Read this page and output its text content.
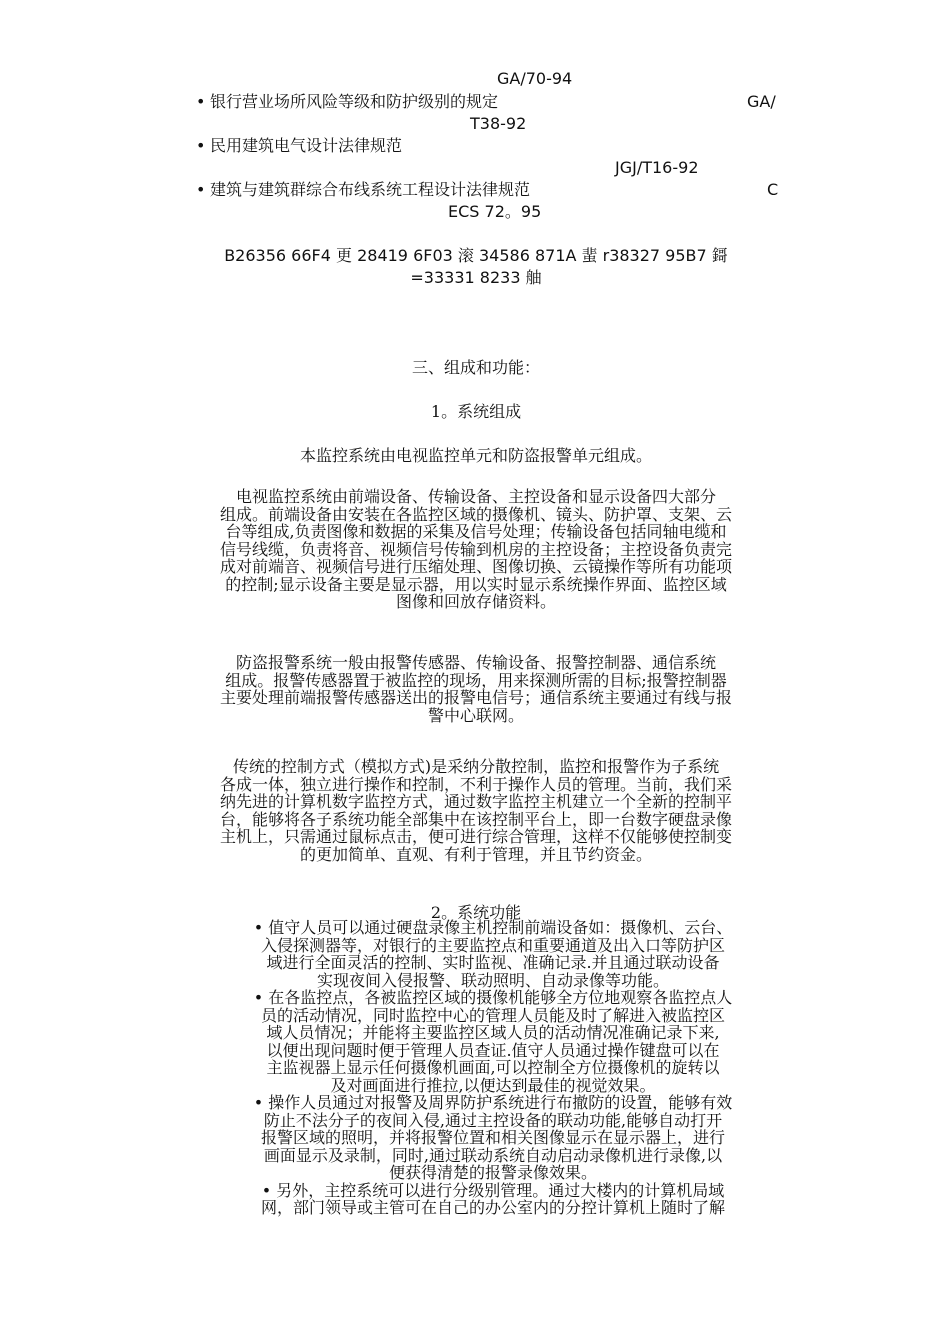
GA/70-94
• 银行营业场所风险等级和防护级别的规定	GA/
T38-92
• 民用建筑电气设计法律规范
JGJ/T16-92
• 建筑与建筑群综合布线系统工程设计法律规范	C
ECS 72。95
B26356 66F4 更 28419 6F03 滚 34586 871A 蜚 r38327 95B7 鎶
=33331 8233 舳
三、组成和功能：
1。系统组成
本监控系统由电视监控单元和防盗报警单元组成。
电视监控系统由前端设备、传输设备、主控设备和显示设备四大部分
组成。前端设备由安装在各监控区域的摄像机、镜头、防护罩、支架、云
台等组成,负责图像和数据的采集及信号处理；传输设备包括同轴电缆和
信号线缆，负责将音、视频信号传输到机房的主控设备；主控设备负责完
成对前端音、视频信号进行压缩处理、图像切换、云镜操作等所有功能项
的控制;显示设备主要是显示器，用以实时显示系统操作界面、监控区域
图像和回放存储资料。
防盗报警系统一般由报警传感器、传输设备、报警控制器、通信系统
组成。报警传感器置于被监控的现场，用来探测所需的目标;报警控制器
主要处理前端报警传感器送出的报警电信号；通信系统主要通过有线与报
警中心联网。
传统的控制方式（模拟方式)是采纳分散控制，监控和报警作为子系统
各成一体，独立进行操作和控制，不利于操作人员的管理。当前，我们采
纳先进的计算机数字监控方式，通过数字监控主机建立一个全新的控制平
台，能够将各子系统功能全部集中在该控制平台上，即一台数字硬盘录像
主机上，只需通过鼠标点击，便可进行综合管理，这样不仅能够使控制变
的更加简单、直观、有利于管理，并且节约资金。
2。系统功能
• 值守人员可以通过硬盘录像主机控制前端设备如：摄像机、云台、
入侵探测器等，对银行的主要监控点和重要通道及出入口等防护区
域进行全面灵活的控制、实时监视、准确记录.并且通过联动设备
实现夜间入侵报警、联动照明、自动录像等功能。
• 在各监控点，各被监控区域的摄像机能够全方位地观察各监控点人
员的活动情况，同时监控中心的管理人员能及时了解进入被监控区
域人员情况；并能将主要监控区域人员的活动情况准确记录下来,
以便出现问题时便于管理人员查证.值守人员通过操作键盘可以在
主监视器上显示任何摄像机画面,可以控制全方位摄像机的旋转以
及对画面进行推拉,以便达到最佳的视觉效果。
• 操作人员通过对报警及周界防护系统进行布撤防的设置，能够有效
防止不法分子的夜间入侵,通过主控设备的联动功能,能够自动打开
报警区域的照明，并将报警位置和相关图像显示在显示器上，进行
画面显示及录制，同时,通过联动系统自动启动录像机进行录像,以
便获得清楚的报警录像效果。
• 另外，主控系统可以进行分级别管理。通过大楼内的计算机局域
网，部门领导或主管可在自己的办公室内的分控计算机上随时了解
